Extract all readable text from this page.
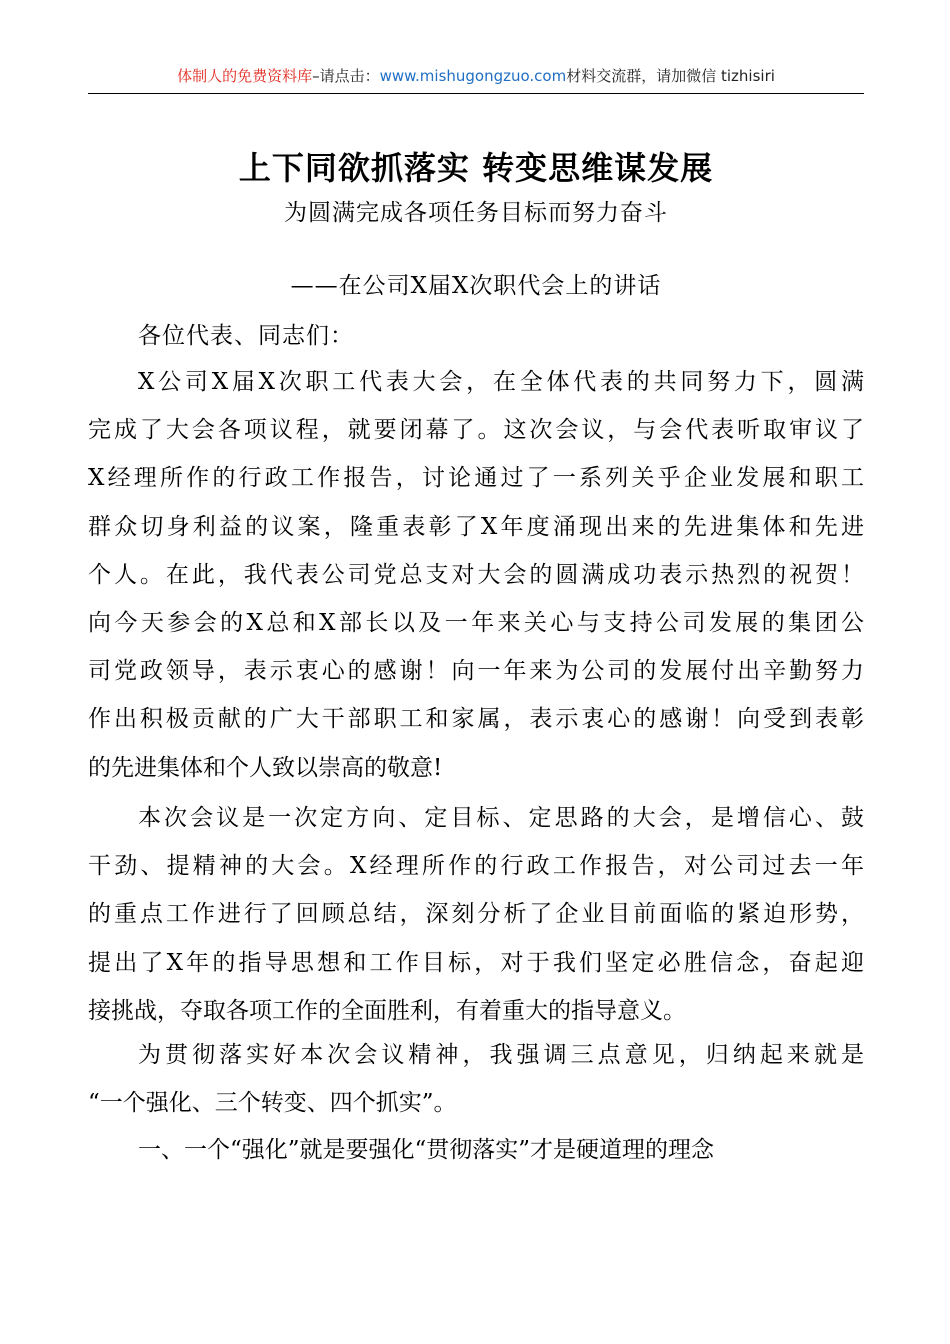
体制人的免费资料库–请点击：www.mishugongzuo.com材料交流群，请加微信 tizhisiri
上下同欲抓落实 转变思维谋发展
为圆满完成各项任务目标而努力奋斗
——在公司X届X次职代会上的讲话
各位代表、同志们：
X公司X届X次职工代表大会，在全体代表的共同努力下，圆满
完成了大会各项议程，就要闭幕了。这次会议，与会代表听取审议了
X经理所作的行政工作报告，讨论通过了一系列关乎企业发展和职工
群众切身利益的议案，隆重表彰了X年度涌现出来的先进集体和先进
个人。在此，我代表公司党总支对大会的圆满成功表示热烈的祝贺！
向今天参会的X总和X部长以及一年来关心与支持公司发展的集团公
司党政领导，表示衷心的感谢！向一年来为公司的发展付出辛勤努力
作出积极贡献的广大干部职工和家属，表示衷心的感谢！向受到表彰
的先进集体和个人致以崇高的敬意!
本次会议是一次定方向、定目标、定思路的大会，是增信心、鼓
干劲、提精神的大会。X经理所作的行政工作报告，对公司过去一年
的重点工作进行了回顾总结，深刻分析了企业目前面临的紧迫形势，
提出了X年的指导思想和工作目标，对于我们坚定必胜信念，奋起迎
接挑战，夺取各项工作的全面胜利，有着重大的指导意义。
为贯彻落实好本次会议精神，我强调三点意见，归纳起来就是
“一个强化、三个转变、四个抓实”。
一、一个“强化”就是要强化“贯彻落实”才是硬道理的理念
